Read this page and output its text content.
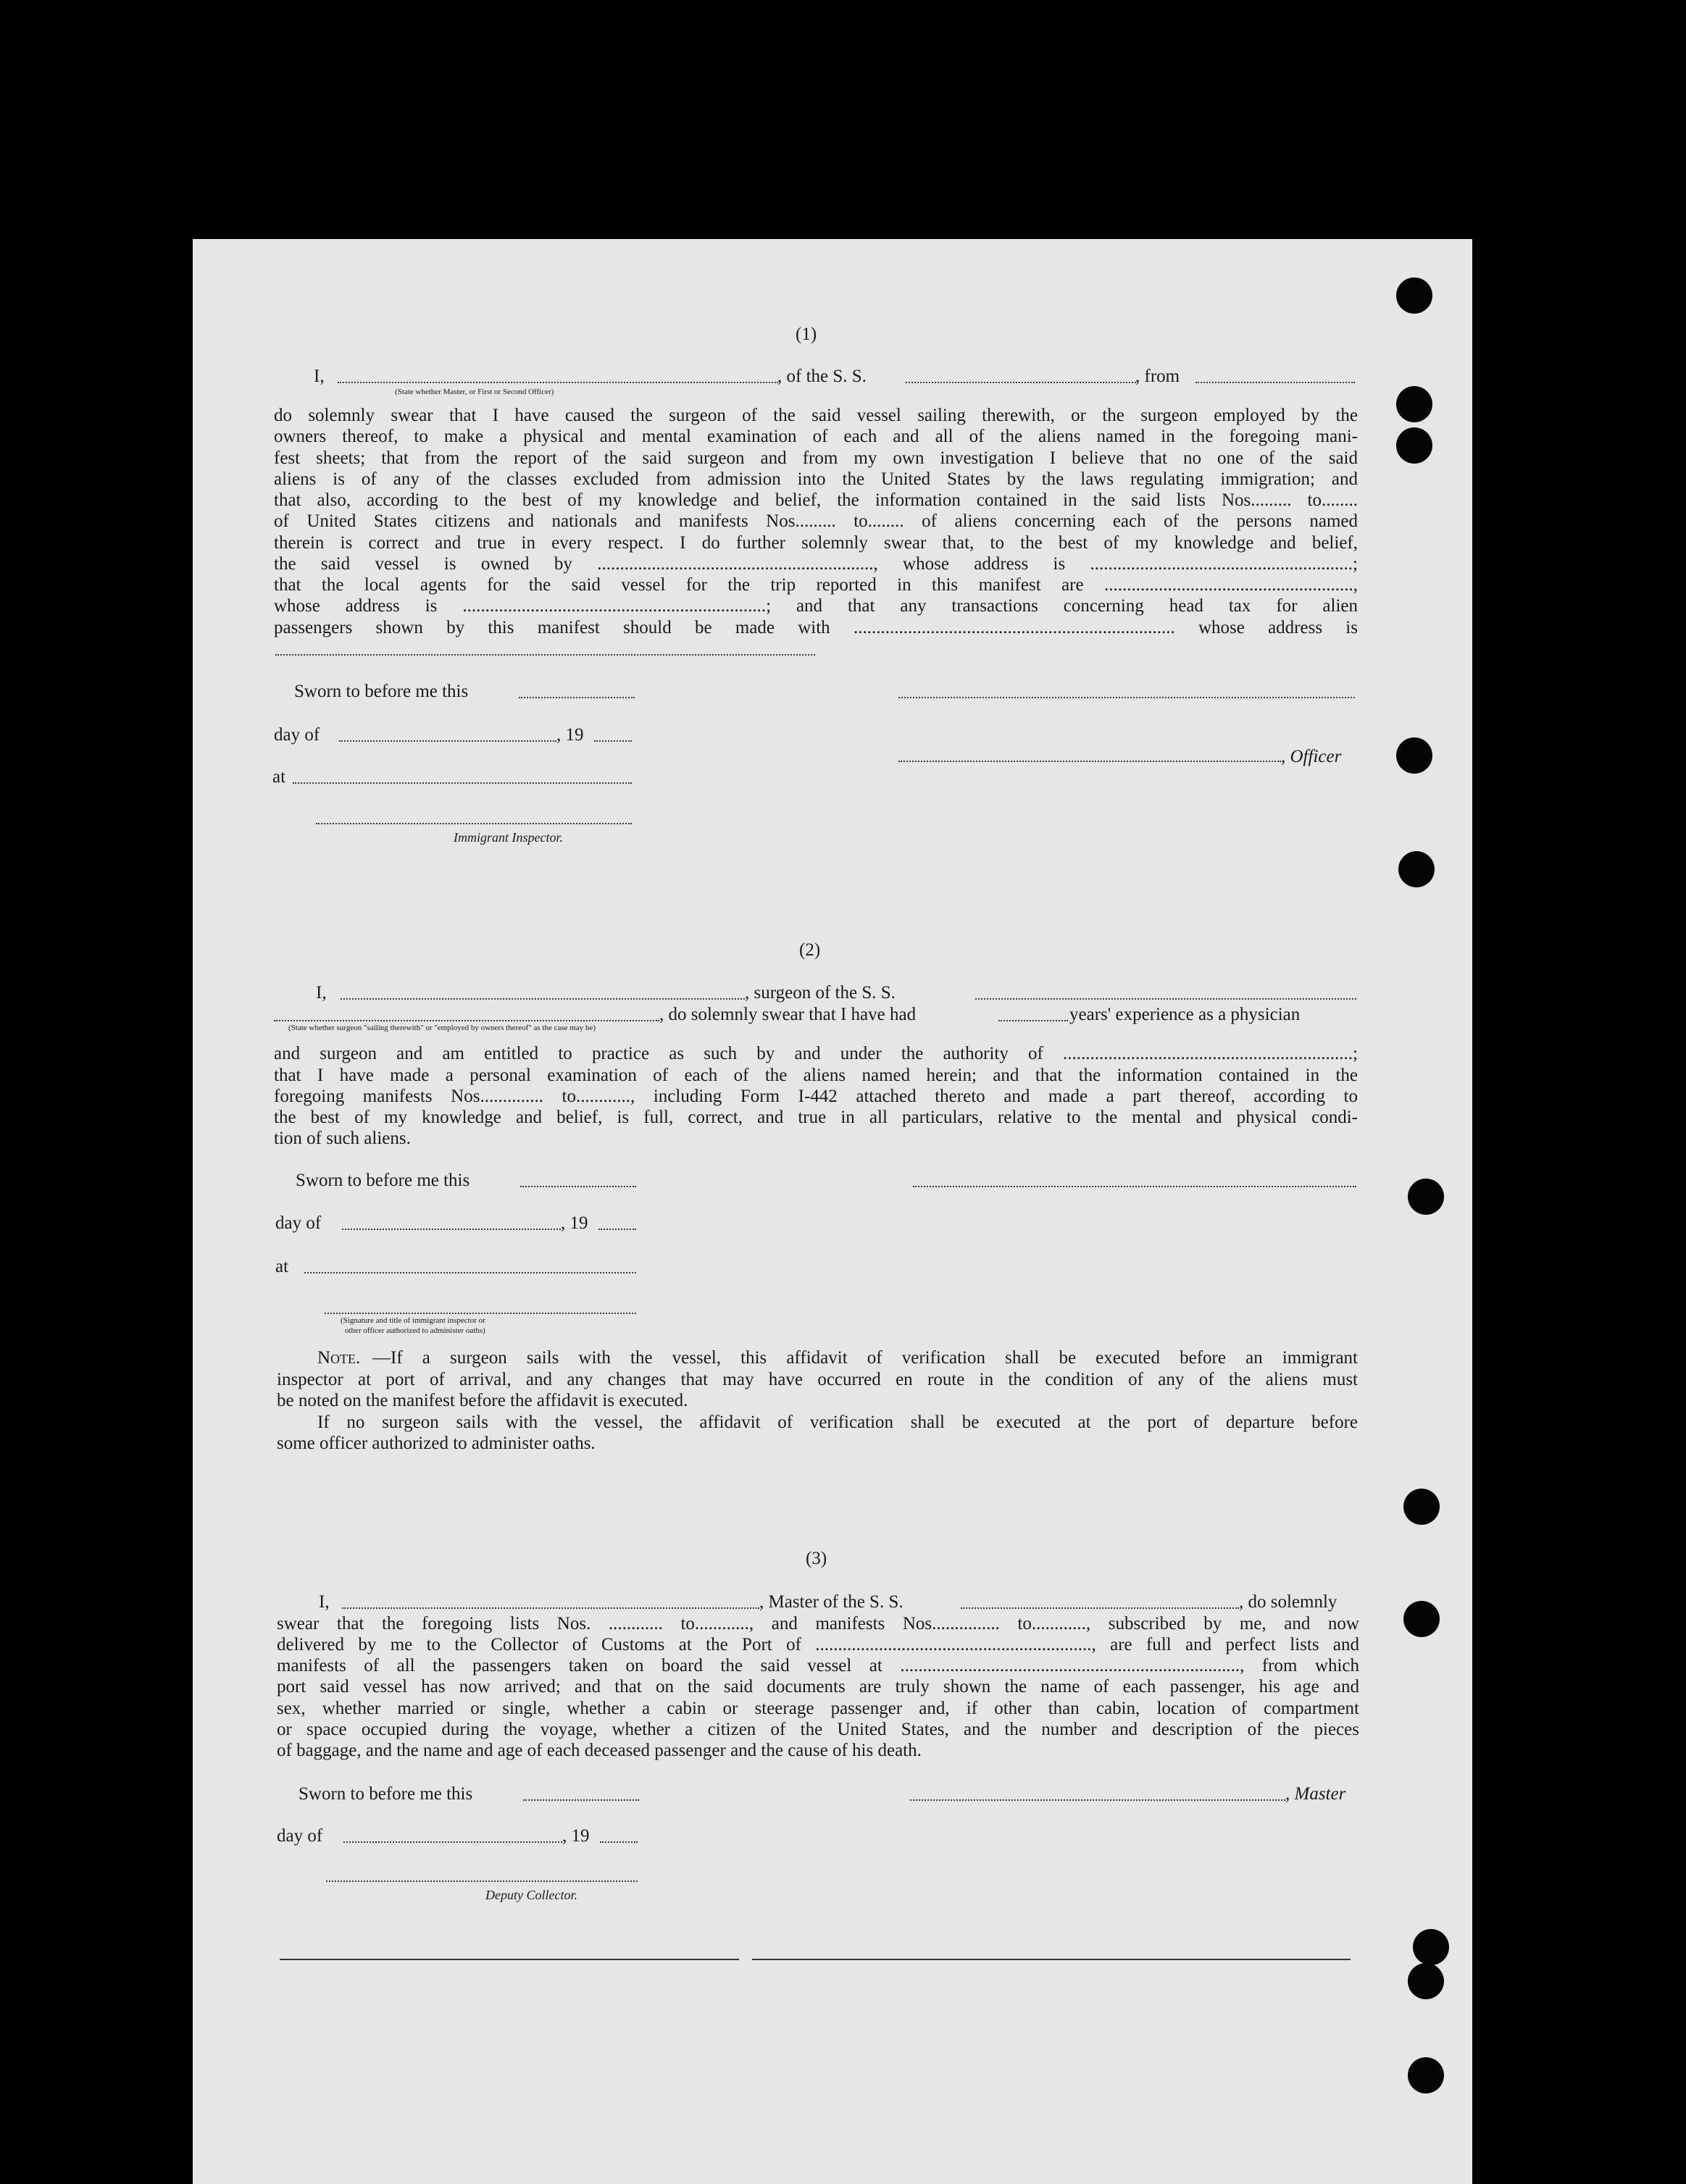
(1)
I,	, of the S. S.	, from
(State whether Master, or First or Second Officer)
do solemnly swear that I have caused the surgeon of the said vessel sailing therewith, or the surgeon employed by the
owners thereof, to make a physical and mental examination of each and all of the aliens named in the foregoing mani-
fest sheets; that from the report of the said surgeon and from my own investigation I believe that no one of the said
aliens is of any of the classes excluded from admission into the United States by the laws regulating immigration; and
that also, according to the best of my knowledge and belief, the information contained in the said lists Nos......... to........
of United States citizens and nationals and manifests Nos......... to........ of aliens concerning each of the persons named
therein is correct and true in every respect. I do further solemnly swear that, to the best of my knowledge and belief,
the said vessel is owned by ............................................................., whose address is ..........................................................;
that the local agents for the said vessel for the trip reported in this manifest are .......................................................,
whose address is ...................................................................; and that any transactions concerning head tax for alien
passengers shown by this manifest should be made with ....................................................................... whose address is
Sworn to before me this
day of	, 19
, Officer
at
Immigrant Inspector.
(2)
I,	, surgeon of the S. S.
, do solemnly swear that I have had	years' experience as a physician
(State whether surgeon "sailing therewith" or "employed by owners thereof" as the case may be)
and surgeon and am entitled to practice as such by and under the authority of ................................................................;
that I have made a personal examination of each of the aliens named herein; and that the information contained in the
foregoing manifests Nos.............. to............, including Form I-442 attached thereto and made a part thereof, according to
the best of my knowledge and belief, is full, correct, and true in all particulars, relative to the mental and physical condi-
tion of such aliens.
Sworn to before me this
day of	, 19
at
(Signature and title of immigrant inspector or
other officer authorized to administer oaths)
Note. —If a surgeon sails with the vessel, this affidavit of verification shall be executed before an immigrant
inspector at port of arrival, and any changes that may have occurred en route in the condition of any of the aliens must
be noted on the manifest before the affidavit is executed.
If no surgeon sails with the vessel, the affidavit of verification shall be executed at the port of departure before
some officer authorized to administer oaths.
(3)
I,	, Master of the S. S.	, do solemnly
swear that the foregoing lists Nos. ............ to............, and manifests Nos............... to............, subscribed by me, and now
delivered by me to the Collector of Customs at the Port of ............................................................., are full and perfect lists and
manifests of all the passengers taken on board the said vessel at ..........................................................................., from which
port said vessel has now arrived; and that on the said documents are truly shown the name of each passenger, his age and
sex, whether married or single, whether a cabin or steerage passenger and, if other than cabin, location of compartment
or space occupied during the voyage, whether a citizen of the United States, and the number and description of the pieces
of baggage, and the name and age of each deceased passenger and the cause of his death.
Sworn to before me this	, Master
day of	, 19
Deputy Collector.
